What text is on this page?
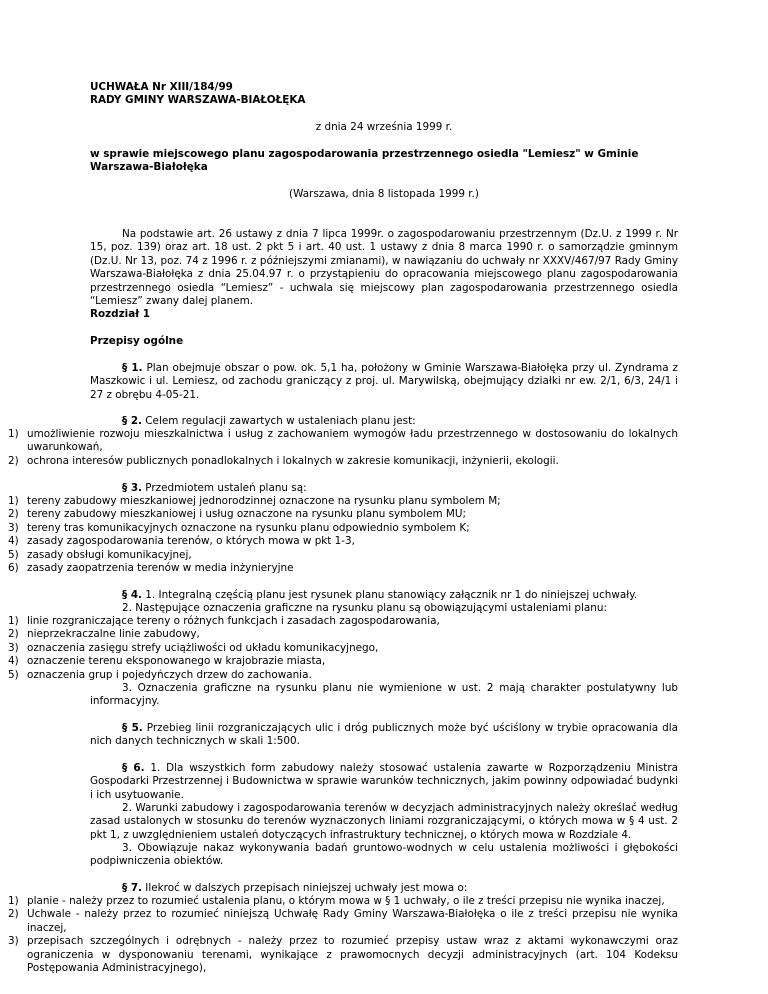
UCHWAŁA Nr XIII/184/99
RADY GMINY WARSZAWA-BIAŁOŁĘKA
z dnia 24 września 1999 r.
w sprawie miejscowego planu zagospodarowania przestrzennego osiedla "Lemiesz" w Gminie Warszawa-Białołęka
(Warszawa, dnia 8 listopada 1999 r.)
Na podstawie art. 26 ustawy z dnia 7 lipca 1999r. o zagospodarowaniu przestrzennym (Dz.U. z 1999 r. Nr 15, poz. 139) oraz art. 18 ust. 2 pkt 5 i art. 40 ust. 1 ustawy z dnia 8 marca 1990 r. o samorządzie gminnym (Dz.U. Nr 13, poz. 74 z 1996 r. z późniejszymi zmianami), w nawiązaniu do uchwały nr XXXV/467/97 Rady Gminy Warszawa-Białołęka z dnia 25.04.97 r. o przystąpieniu do opracowania miejscowego planu zagospodarowania przestrzennego osiedla “Lemiesz” - uchwala się miejscowy plan zagospodarowania przestrzennego osiedla “Lemiesz” zwany dalej planem.
Rozdział 1
Przepisy ogólne
§ 1. Plan obejmuje obszar o pow. ok. 5,1 ha, położony w Gminie Warszawa-Białołęka przy ul. Zyndrama z Maszkowic i ul. Lemiesz, od zachodu graniczący z proj. ul. Marywilską, obejmujący działki nr ew. 2/1, 6/3, 24/1 i 27 z obrębu 4-05-21.
§ 2. Celem regulacji zawartych w ustaleniach planu jest:
1) umożliwienie rozwoju mieszkalnictwa i usług z zachowaniem wymogów ładu przestrzennego w dostosowaniu do lokalnych uwarunkowań,
2) ochrona interesów publicznych ponadlokalnych i lokalnych w zakresie komunikacji, inżynierii, ekologii.
§ 3. Przedmiotem ustaleń planu są:
1) tereny zabudowy mieszkaniowej jednorodzinnej oznaczone na rysunku planu symbolem M;
2) tereny zabudowy mieszkaniowej i usług oznaczone na rysunku planu symbolem MU;
3) tereny tras komunikacyjnych oznaczone na rysunku planu odpowiednio symbolem K;
4) zasady zagospodarowania terenów, o których mowa w pkt 1-3,
5) zasady obsługi komunikacyjnej,
6) zasady zaopatrzenia terenów w media inżynieryjne
§ 4. 1. Integralną częścią planu jest rysunek planu stanowiący załącznik nr 1 do niniejszej uchwały.
2. Następujące oznaczenia graficzne na rysunku planu są obowiązującymi ustaleniami planu:
1) linie rozgraniczające tereny o różnych funkcjach i zasadach zagospodarowania,
2) nieprzekraczalne linie zabudowy,
3) oznaczenia zasięgu strefy uciążliwości od układu komunikacyjnego,
4) oznaczenie terenu eksponowanego w krajobrazie miasta,
5) oznaczenia grup i pojedyńczych drzew do zachowania.
3. Oznaczenia graficzne na rysunku planu nie wymienione w ust. 2 mają charakter postulatywny lub informacyjny.
§ 5. Przebieg linii rozgraniczających ulic i dróg publicznych może być uściślony w trybie opracowania dla nich danych technicznych w skali 1:500.
§ 6. 1. Dla wszystkich form zabudowy należy stosować ustalenia zawarte w Rozporządzeniu Ministra Gospodarki Przestrzennej i Budownictwa w sprawie warunków technicznych, jakim powinny odpowiadać budynki i ich usytuowanie.
2. Warunki zabudowy i zagospodarowania terenów w decyzjach administracyjnych należy określać według zasad ustalonych w stosunku do terenów wyznaczonych liniami rozgraniczającymi, o których mowa w § 4 ust. 2 pkt 1, z uwzględnieniem ustaleń dotyczących infrastruktury technicznej, o których mowa w Rozdziale 4.
3. Obowiązuje nakaz wykonywania badań gruntowo-wodnych w celu ustalenia możliwości i głębokości podpiwniczenia obiektów.
§ 7. Ilekroć w dalszych przepisach niniejszej uchwały jest mowa o:
1) planie - należy przez to rozumieć ustalenia planu, o którym mowa w § 1 uchwały, o ile z treści przepisu nie wynika inaczej,
2) Uchwale - należy przez to rozumieć niniejszą Uchwałę Rady Gminy Warszawa-Białołęka o ile z treści przepisu nie wynika inaczej,
3) przepisach szczególnych i odrębnych - należy przez to rozumieć przepisy ustaw wraz z aktami wykonawczymi oraz ograniczenia w dysponowaniu terenami, wynikające z prawomocnych decyzji administracyjnych (art. 104 Kodeksu Postępowania Administracyjnego),
